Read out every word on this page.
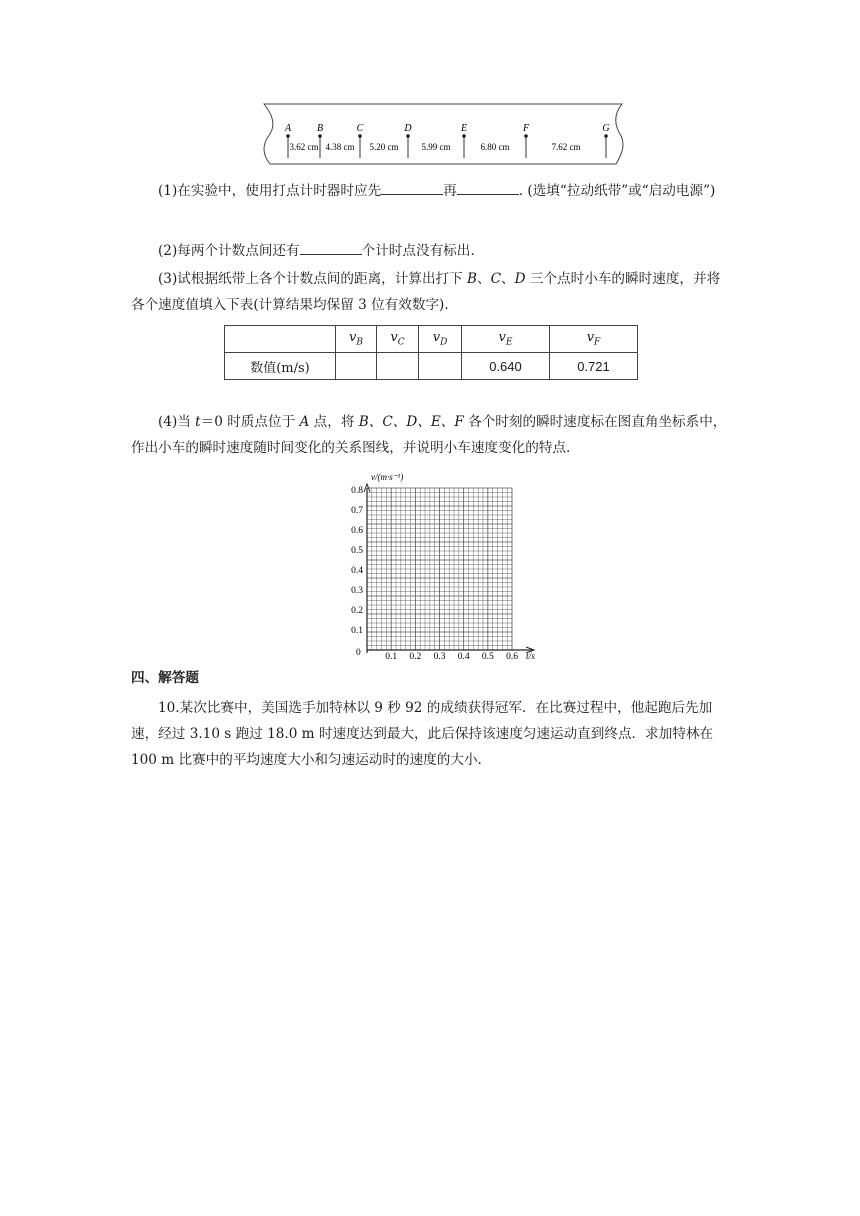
A	B	C	D	E	F	G
3.62 cm 4.38 cm 5.20 cm	5.99 cm	6.80 cm	7.62 cm
(1)在实验中，使用打点计时器时应先	再	. (选填“拉动纸带”或“启动电源”)
(2)每两个计数点间还有	个计时点没有标出.
(3)试根据纸带上各个计数点间的距离，计算出打下 B、C、D 三个点时小车的瞬时速度，并将各个速度值填入下表(计算结果均保留 3 位有效数字).
	$v_B$	$v_C$	$v_D$	$v_E$	$v_F$
数值(m/s)				0.640	0.721
(4)当 t＝0 时质点位于 A 点，将 B、C、D、E、F 各个时刻的瞬时速度标在图直角坐标系中，作出小车的瞬时速度随时间变化的关系图线，并说明小车速度变化的特点.
v/(m·s⁻¹)
t/s
0
0.1
0.2
0.3
0.4
0.5
0.6
0.7
0.8
0.1 0.2 0.3 0.4 0.5 0.6
四、解答题
10.某次比赛中，美国选手加特林以 9 秒 92 的成绩获得冠军．在比赛过程中，他起跑后先加速，经过 3.10 s 跑过 18.0 m 时速度达到最大，此后保持该速度匀速运动直到终点．求加特林在 100 m 比赛中的平均速度大小和匀速运动时的速度的大小.
